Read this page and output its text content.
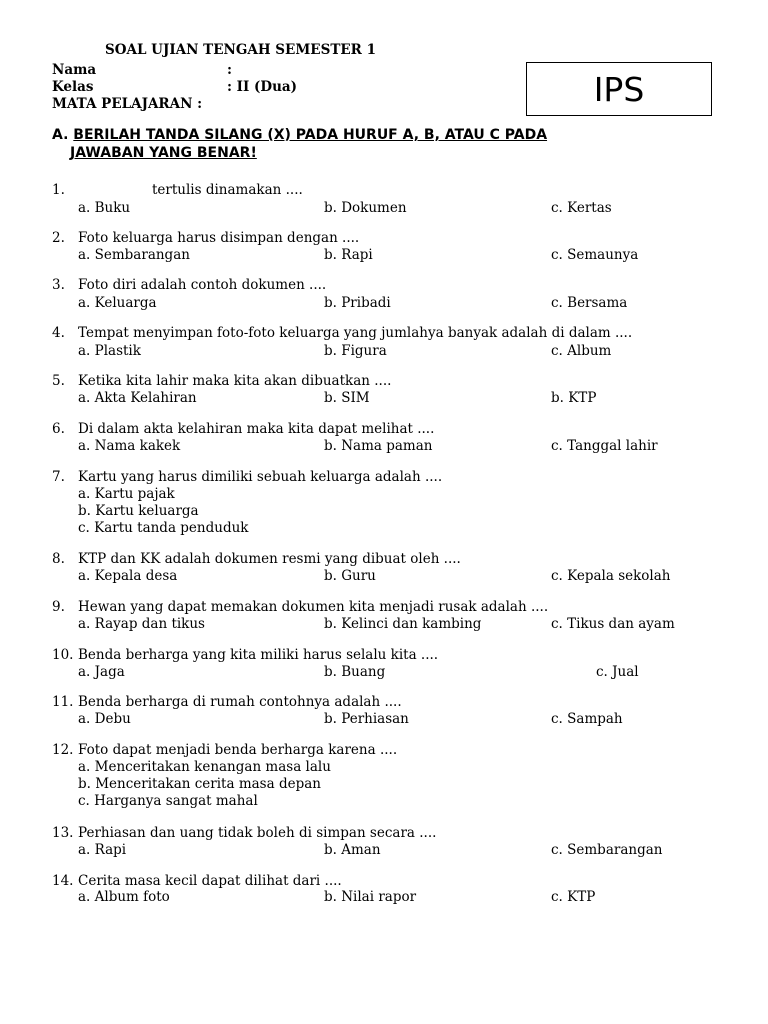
SOAL UJIAN TENGAH SEMESTER 1
Nama	:
Kelas	: II (Dua)
MATA PELAJARAN :	IPS
A. BERILAH TANDA SILANG (X) PADA HURUF A, B, ATAU C PADA
JAWABAN YANG BENAR!
1.	tertulis dinamakan ....
a. Buku	b. Dokumen	c. Kertas
2. Foto keluarga harus disimpan dengan ....
a. Sembarangan	b. Rapi	c. Semaunya
3. Foto diri adalah contoh dokumen ....
a. Keluarga	b. Pribadi	c. Bersama
4. Tempat menyimpan foto-foto keluarga yang jumlahya banyak adalah di dalam ....
a. Plastik	b. Figura	c. Album
5. Ketika kita lahir maka kita akan dibuatkan ....
a. Akta Kelahiran	b. SIM	b. KTP
6. Di dalam akta kelahiran maka kita dapat melihat ....
a. Nama kakek	b. Nama paman	c. Tanggal lahir
7. Kartu yang harus dimiliki sebuah keluarga adalah ....
a. Kartu pajak
b. Kartu keluarga
c. Kartu tanda penduduk
8. KTP dan KK adalah dokumen resmi yang dibuat oleh ....
a. Kepala desa	b. Guru	c. Kepala sekolah
9. Hewan yang dapat memakan dokumen kita menjadi rusak adalah ....
a. Rayap dan tikus	b. Kelinci dan kambing	c. Tikus dan ayam
10. Benda berharga yang kita miliki harus selalu kita ....
a. Jaga	b. Buang	c. Jual
11. Benda berharga di rumah contohnya adalah ....
a. Debu	b. Perhiasan	c. Sampah
12. Foto dapat menjadi benda berharga karena ....
a. Menceritakan kenangan masa lalu
b. Menceritakan cerita masa depan
c. Harganya sangat mahal
13. Perhiasan dan uang tidak boleh di simpan secara ....
a. Rapi	b. Aman	c. Sembarangan
14. Cerita masa kecil dapat dilihat dari ....
a. Album foto	b. Nilai rapor	c. KTP
